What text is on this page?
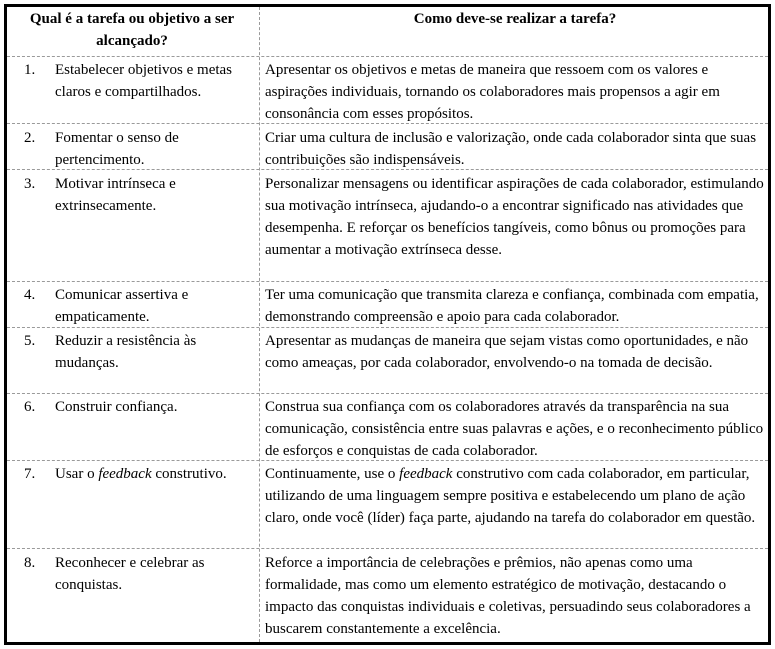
Qual é a tarefa ou objetivo a ser alcançado?
Como deve-se realizar a tarefa?
1.	Estabelecer objetivos e metas claros e compartilhados.
Apresentar os objetivos e metas de maneira que ressoem com os valores e aspirações individuais, tornando os colaboradores mais propensos a agir em consonância com esses propósitos.
2.	Fomentar o senso de pertencimento.
Criar uma cultura de inclusão e valorização, onde cada colaborador sinta que suas contribuições são indispensáveis.
3.	Motivar intrínseca e extrinsecamente.
Personalizar mensagens ou identificar aspirações de cada colaborador, estimulando sua motivação intrínseca, ajudando-o a encontrar significado nas atividades que desempenha. E reforçar os benefícios tangíveis, como bônus ou promoções para aumentar a motivação extrínseca desse.
4.	Comunicar assertiva e empaticamente.
Ter uma comunicação que transmita clareza e confiança, combinada com empatia, demonstrando compreensão e apoio para cada colaborador.
5.	Reduzir a resistência às mudanças.
Apresentar as mudanças de maneira que sejam vistas como oportunidades, e não como ameaças, por cada colaborador, envolvendo-o na tomada de decisão.
6.	Construir confiança.	Construa sua confiança com os colaboradores através da transparência na sua comunicação, consistência entre suas palavras e ações, e o reconhecimento público de esforços e conquistas de cada colaborador.
7.	Usar o feedback construtivo.	Continuamente, use o feedback construtivo com cada colaborador, em particular, utilizando de uma linguagem sempre positiva e estabelecendo um plano de ação claro, onde você (líder) faça parte, ajudando na tarefa do colaborador em questão.
8.	Reconhecer e celebrar as conquistas.
Reforce a importância de celebrações e prêmios, não apenas como uma formalidade, mas como um elemento estratégico de motivação, destacando o impacto das conquistas individuais e coletivas, persuadindo seus colaboradores a buscarem constantemente a excelência.
